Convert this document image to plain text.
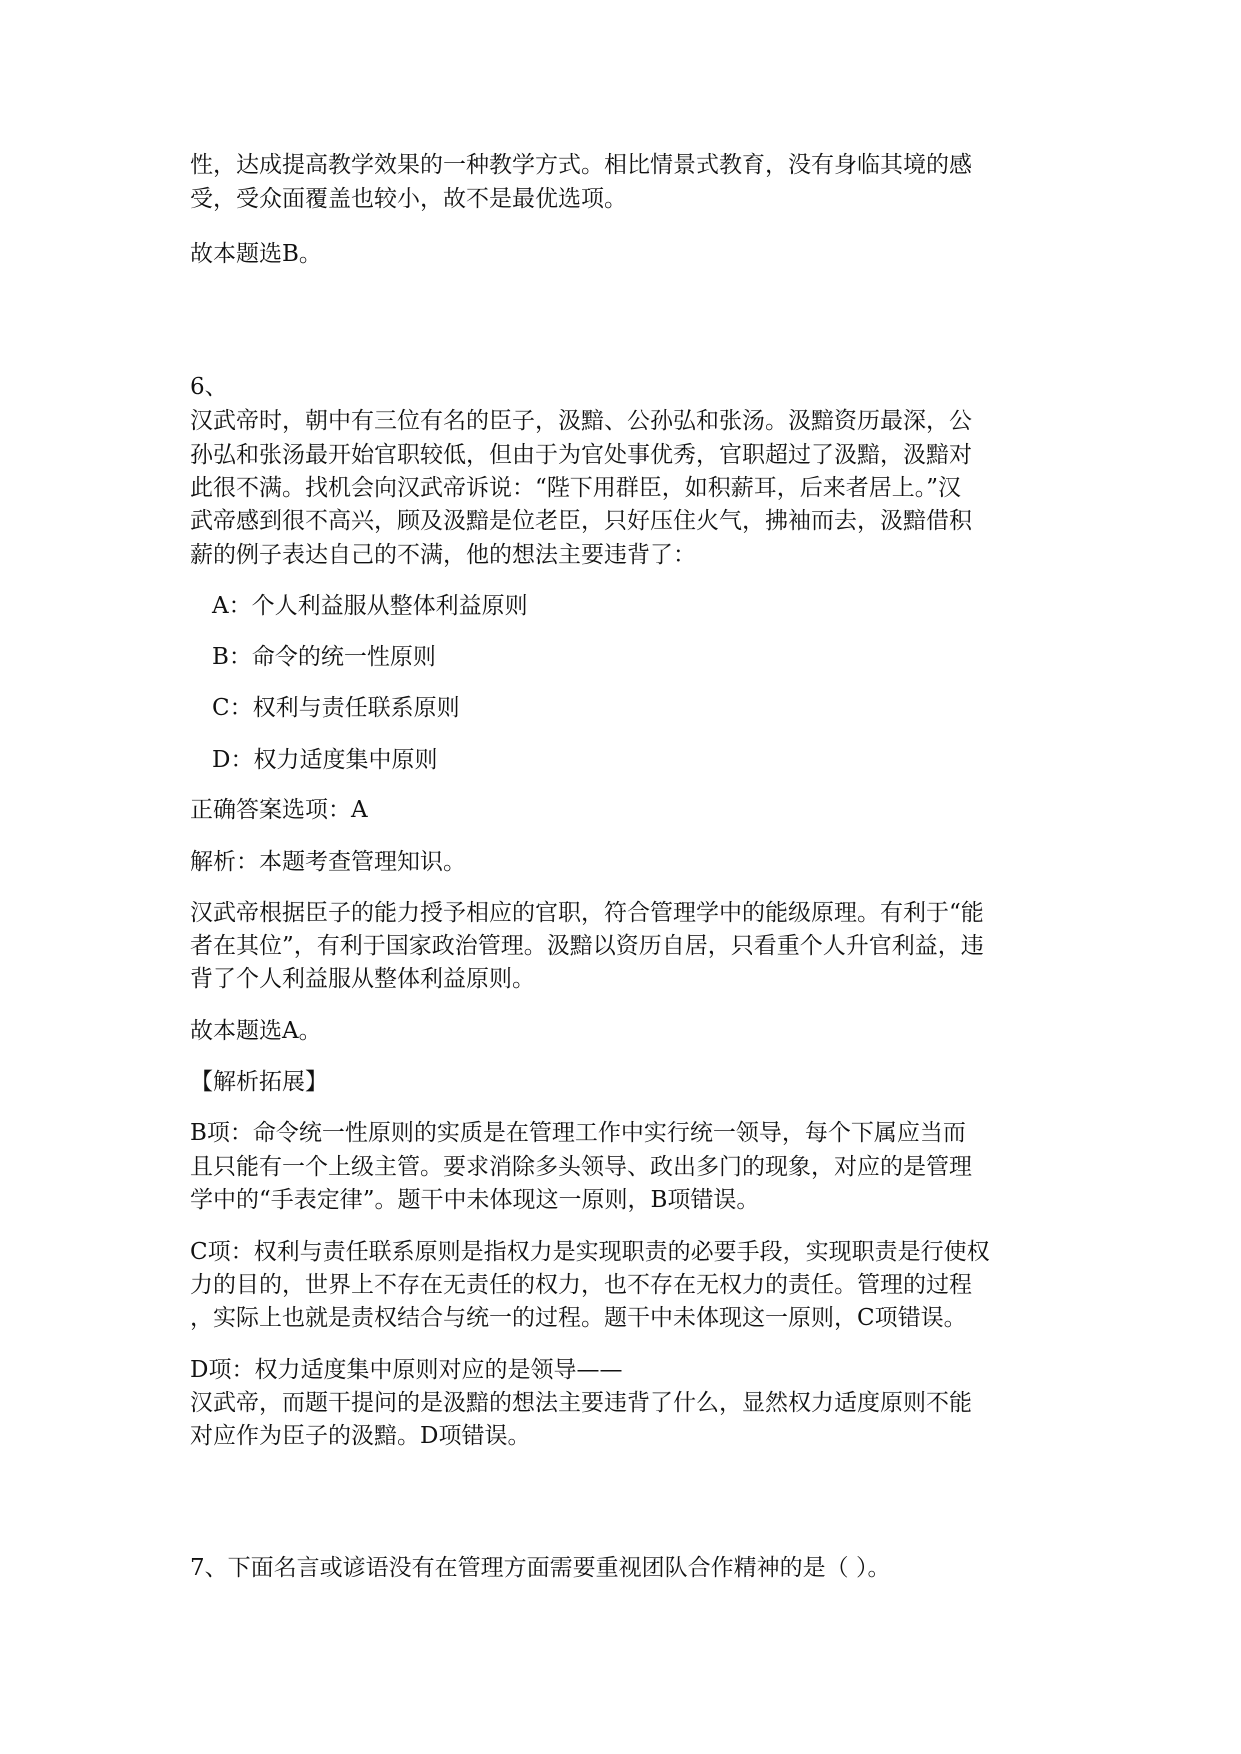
性，达成提高教学效果的一种教学方式。相比情景式教育，没有身临其境的感

受，受众面覆盖也较小，故不是最优选项。

故本题选B。

6、

汉武帝时，朝中有三位有名的臣子，汲黯、公孙弘和张汤。汲黯资历最深，公

孙弘和张汤最开始官职较低，但由于为官处事优秀，官职超过了汲黯，汲黯对

此很不满。找机会向汉武帝诉说：“陛下用群臣，如积薪耳，后来者居上。”汉

武帝感到很不高兴，顾及汲黯是位老臣，只好压住火气，拂袖而去，汲黯借积

薪的例子表达自己的不满，他的想法主要违背了：

A：个人利益服从整体利益原则

B：命令的统一性原则

C：权利与责任联系原则

D：权力适度集中原则

正确答案选项：A

解析：本题考查管理知识。

汉武帝根据臣子的能力授予相应的官职，符合管理学中的能级原理。有利于“能

者在其位”，有利于国家政治管理。汲黯以资历自居，只看重个人升官利益，违

背了个人利益服从整体利益原则。

故本题选A。

【解析拓展】

B项：命令统一性原则的实质是在管理工作中实行统一领导，每个下属应当而

且只能有一个上级主管。要求消除多头领导、政出多门的现象，对应的是管理

学中的“手表定律”。题干中未体现这一原则，B项错误。

C项：权利与责任联系原则是指权力是实现职责的必要手段，实现职责是行使权

力的目的，世界上不存在无责任的权力，也不存在无权力的责任。管理的过程

，实际上也就是责权结合与统一的过程。题干中未体现这一原则，C项错误。

D项：权力适度集中原则对应的是领导——

汉武帝，而题干提问的是汲黯的想法主要违背了什么，显然权力适度原则不能

对应作为臣子的汲黯。D项错误。

7、下面名言或谚语没有在管理方面需要重视团队合作精神的是（ ）。
